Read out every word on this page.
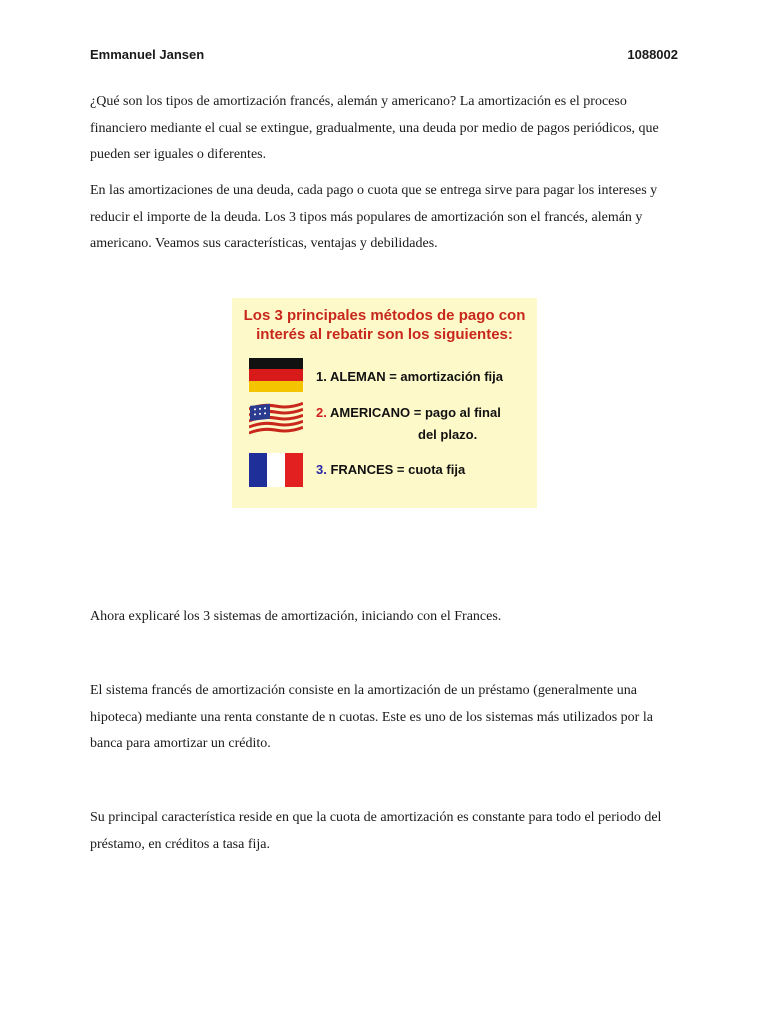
Emmanuel Jansen	1088002

¿Qué son los tipos de amortización francés, alemán y americano? La amortización es el proceso financiero mediante el cual se extingue, gradualmente, una deuda por medio de pagos periódicos, que pueden ser iguales o diferentes.

En las amortizaciones de una deuda, cada pago o cuota que se entrega sirve para pagar los intereses y reducir el importe de la deuda. Los 3 tipos más populares de amortización son el francés, alemán y americano. Veamos sus características, ventajas y debilidades.

Los 3 principales métodos de pago con
interés al rebatir son los siguientes:
1. ALEMAN = amortización fija
2. AMERICANO = pago al final
del plazo.
3. FRANCES = cuota fija

Ahora explicaré los 3 sistemas de amortización, iniciando con el Frances.

El sistema francés de amortización consiste en la amortización de un préstamo (generalmente una hipoteca) mediante una renta constante de n cuotas. Este es uno de los sistemas más utilizados por la banca para amortizar un crédito.

Su principal característica reside en que la cuota de amortización es constante para todo el periodo del préstamo, en créditos a tasa fija.
